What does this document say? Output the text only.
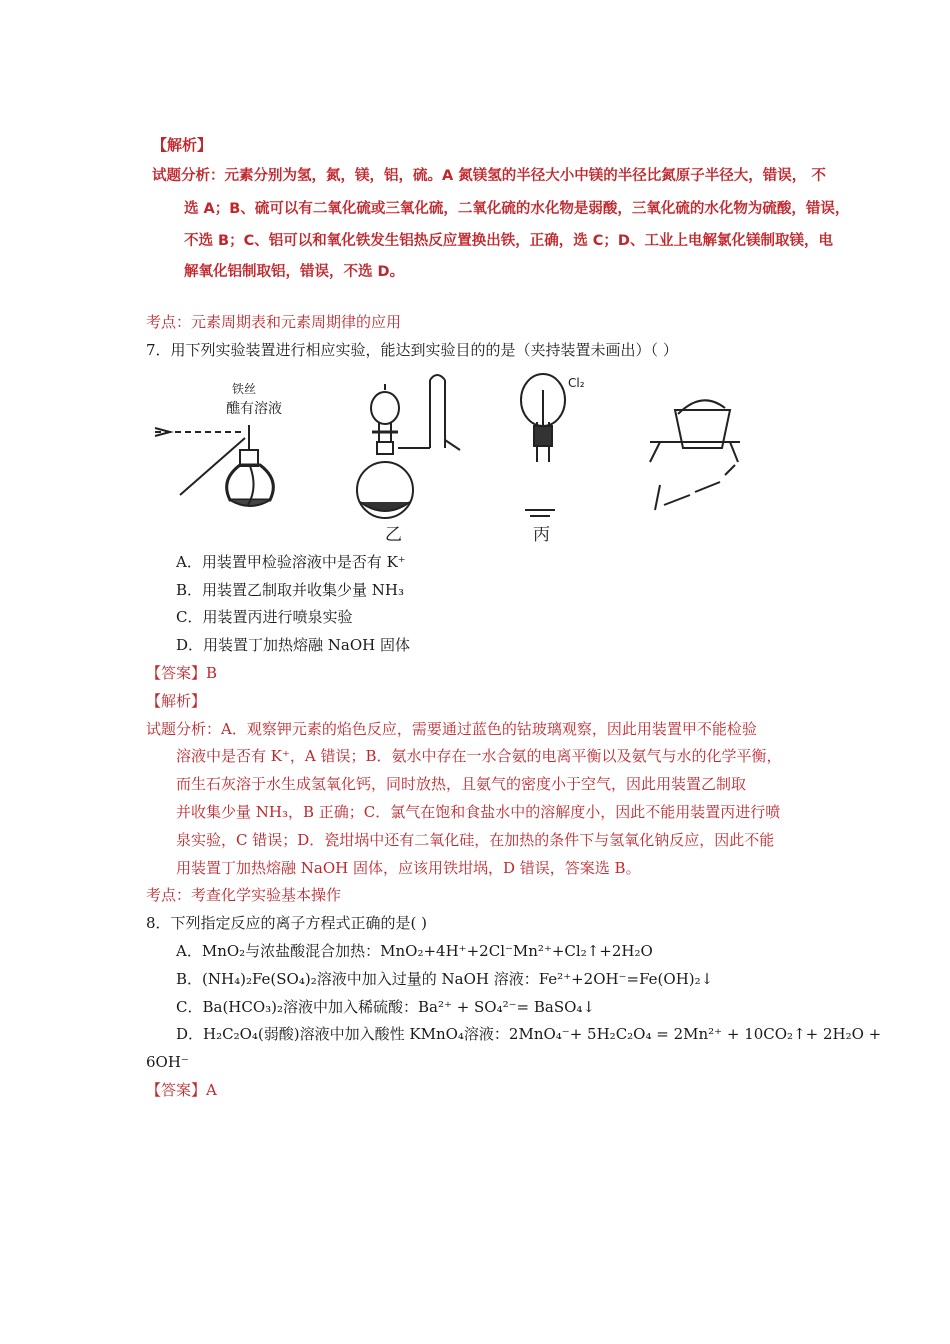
【解析】
试题分析：元素分别为氢，氮，镁，铝，硫。A 氮镁氢的半径大小中镁的半径比氮原子半径大，错误， 不
选 A；B、硫可以有二氧化硫或三氧化硫，二氧化硫的水化物是弱酸，三氧化硫的水化物为硫酸，错误，
不选 B；C、铝可以和氧化铁发生铝热反应置换出铁，正确，选 C；D、工业上电解氯化镁制取镁，电
解氧化铝制取铝，错误，不选 D。
考点：元素周期表和元素周期律的应用
7．用下列实验装置进行相应实验，能达到实验目的的是（夹持装置未画出）（ ）
铁丝
醮有溶液
Cl₂
乙	丙
A．用装置甲检验溶液中是否有 K⁺
B．用装置乙制取并收集少量 NH₃
C．用装置丙进行喷泉实验
D．用装置丁加热熔融 NaOH 固体
【答案】B
【解析】
试题分析：A．观察钾元素的焰色反应，需要通过蓝色的钴玻璃观察，因此用装置甲不能检验
溶液中是否有 K⁺，A 错误；B．氨水中存在一水合氨的电离平衡以及氨气与水的化学平衡，
而生石灰溶于水生成氢氧化钙，同时放热，且氨气的密度小于空气，因此用装置乙制取
并收集少量 NH₃，B 正确；C．氯气在饱和食盐水中的溶解度小，因此不能用装置丙进行喷
泉实验，C 错误；D．瓷坩埚中还有二氧化硅，在加热的条件下与氢氧化钠反应，因此不能
用装置丁加热熔融 NaOH 固体，应该用铁坩埚，D 错误，答案选 B。
考点：考查化学实验基本操作
8．下列指定反应的离子方程式正确的是( )
A．MnO₂与浓盐酸混合加热：MnO₂+4H⁺+2Cl⁻Mn²⁺+Cl₂↑+2H₂O
B．(NH₄)₂Fe(SO₄)₂溶液中加入过量的 NaOH 溶液：Fe²⁺+2OH⁻=Fe(OH)₂↓
C．Ba(HCO₃)₂溶液中加入稀硫酸：Ba²⁺ + SO₄²⁻= BaSO₄↓
D．H₂C₂O₄(弱酸)溶液中加入酸性 KMnO₄溶液：2MnO₄⁻+ 5H₂C₂O₄ = 2Mn²⁺ + 10CO₂↑+ 2H₂O +
6OH⁻
【答案】A
